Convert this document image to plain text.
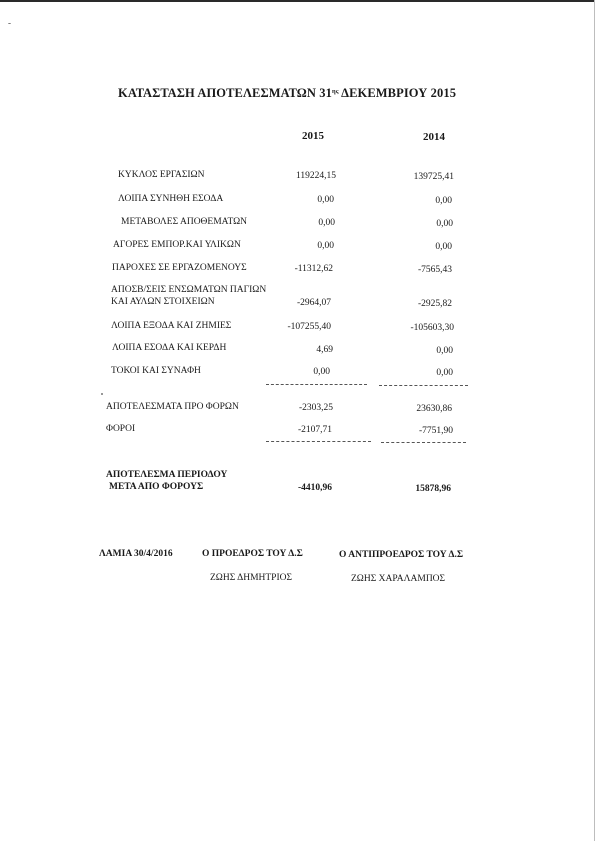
ΚΑΤΑΣΤΑΣΗ ΑΠΟΤΕΛΕΣΜΑΤΩΝ $31^{\eta\varsigma}$ ΔΕΚΕΜΒΡΙΟΥ 2015
2015	2014
ΚΥΚΛΟΣ ΕΡΓΑΣΙΩΝ	119224,15	139725,41
ΛΟΙΠΑ ΣΥΝΗΘΗ ΕΣΟΔΑ	0,00	0,00
ΜΕΤΑΒΟΛΕΣ ΑΠΟΘΕΜΑΤΩΝ	0,00	0,00
ΑΓΟΡΕΣ ΕΜΠΟΡ.ΚΑΙ ΥΛΙΚΩΝ	0,00	0,00
ΠΑΡΟΧΕΣ ΣΕ ΕΡΓΑΖΟΜΕΝΟΥΣ	-11312,62	-7565,43
ΑΠΟΣΒ/ΣΕΙΣ ΕΝΣΩΜΑΤΩΝ ΠΑΓΙΩΝ
ΚΑΙ ΑΥΛΩΝ ΣΤΟΙΧΕΙΩΝ	-2964,07	-2925,82
ΛΟΙΠΑ ΕΞΟΔΑ ΚΑΙ ΖΗΜΙΕΣ	-107255,40	-105603,30
ΛΟΙΠΑ ΕΣΟΔΑ ΚΑΙ ΚΕΡΔΗ	4,69	0,00
ΤΟΚΟΙ ΚΑΙ ΣΥΝΑΦΗ	0,00	0,00
ΑΠΟΤΕΛΕΣΜΑΤΑ ΠΡΟ ΦΟΡΩΝ	-2303,25	23630,86
ΦΟΡΟΙ	-2107,71	-7751,90
ΑΠΟΤΕΛΕΣΜΑ ΠΕΡΙΟΔΟΥ
ΜΕΤΑ ΑΠΟ ΦΟΡΟΥΣ	-4410,96	15878,96
ΛΑΜΙΑ 30/4/2016	Ο ΠΡΟΕΔΡΟΣ ΤΟΥ Δ.Σ	Ο ΑΝΤΙΠΡΟΕΔΡΟΣ ΤΟΥ Δ.Σ
ΖΩΗΣ ΔΗΜΗΤΡΙΟΣ	ΖΩΗΣ ΧΑΡΑΛΑΜΠΟΣ
